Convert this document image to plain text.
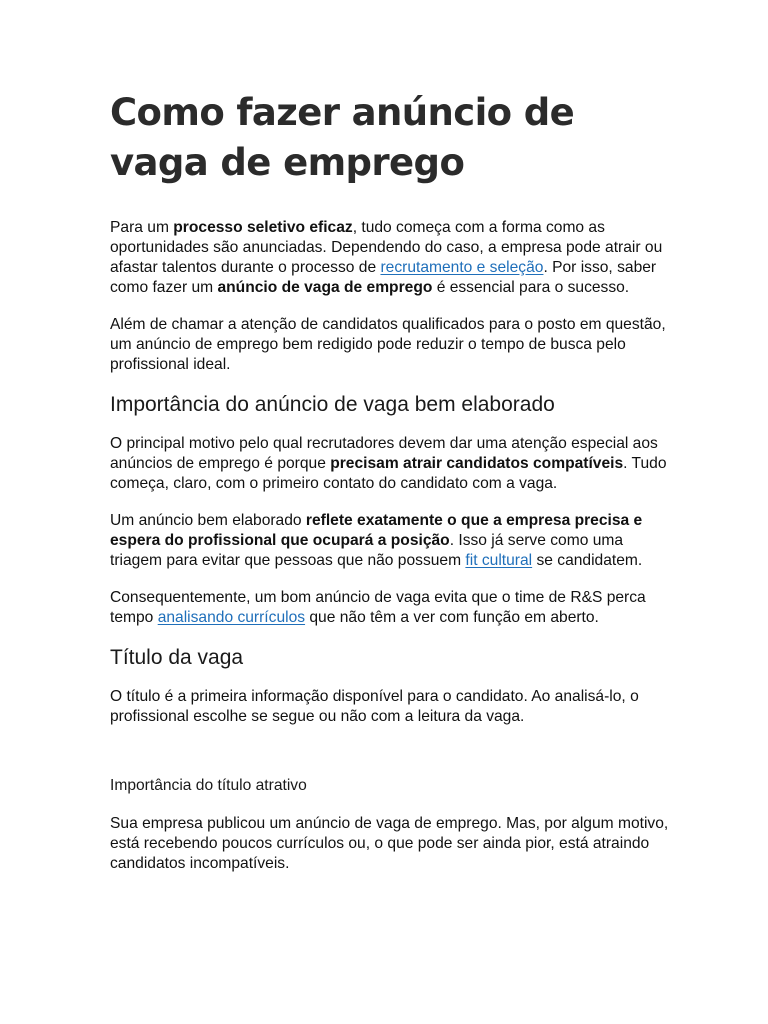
Como fazer anúncio de vaga de emprego

Para um processo seletivo eficaz, tudo começa com a forma como as oportunidades são anunciadas. Dependendo do caso, a empresa pode atrair ou afastar talentos durante o processo de recrutamento e seleção. Por isso, saber como fazer um anúncio de vaga de emprego é essencial para o sucesso.

Além de chamar a atenção de candidatos qualificados para o posto em questão, um anúncio de emprego bem redigido pode reduzir o tempo de busca pelo profissional ideal.

Importância do anúncio de vaga bem elaborado

O principal motivo pelo qual recrutadores devem dar uma atenção especial aos anúncios de emprego é porque precisam atrair candidatos compatíveis. Tudo começa, claro, com o primeiro contato do candidato com a vaga.

Um anúncio bem elaborado reflete exatamente o que a empresa precisa e espera do profissional que ocupará a posição. Isso já serve como uma triagem para evitar que pessoas que não possuem fit cultural se candidatem.

Consequentemente, um bom anúncio de vaga evita que o time de R&S perca tempo analisando currículos que não têm a ver com função em aberto.

Título da vaga

O título é a primeira informação disponível para o candidato. Ao analisá-lo, o profissional escolhe se segue ou não com a leitura da vaga.

Importância do título atrativo

Sua empresa publicou um anúncio de vaga de emprego. Mas, por algum motivo, está recebendo poucos currículos ou, o que pode ser ainda pior, está atraindo candidatos incompatíveis.
